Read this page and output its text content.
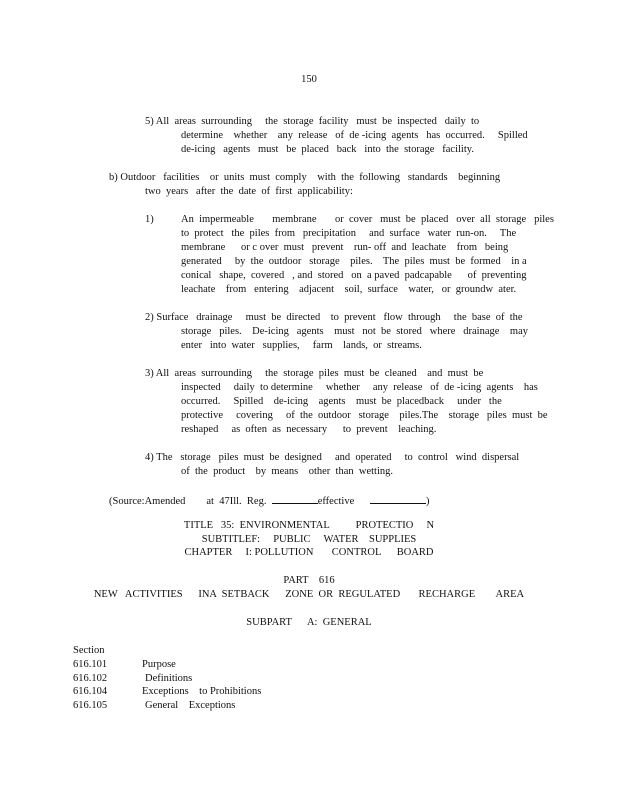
150
5) All  areas  surrounding     the  storage  facility   must  be  inspected   daily  to
determine    whether    any  release   of  de -icing  agents   has  occurred.     Spilled
de-icing   agents   must   be  placed   back   into  the  storage   facility.
b) Outdoor   facilities    or  units  must  comply    with  the  following   standards    beginning
two  years   after  the  date  of  first  applicability:
1)	An  impermeable       membrane       or  cover   must  be  placed   over  all  storage   piles
to  protect   the  piles  from   precipitation     and  surface   water  run-on.     The
membrane      or c over  must   prevent    run- off  and  leachate    from   being
generated     by  the  outdoor   storage    piles.    The  piles  must  be  formed    in a
conical   shape,  covered   , and  stored   on  a paved  padcapable      of  preventing
leachate    from   entering    adjacent    soil,  surface    water,   or  groundw  ater.
2) Surface   drainage     must  be  directed    to  prevent   flow  through     the  base  of  the
storage   piles.    De-icing   agents    must   not  be  stored   where   drainage    may
enter   into  water   supplies,     farm    lands,  or  streams.
3) All  areas  surrounding     the  storage  piles  must  be  cleaned    and  must  be
inspected     daily  to determine     whether     any  release   of  de -icing  agents    has
occurred.     Spilled    de-icing    agents    must  be  placedback     under   the
protective     covering     of  the  outdoor   storage    piles.The    storage   piles  must  be
reshaped     as  often  as  necessary      to  prevent    leaching.
4) The   storage   piles  must  be  designed     and  operated     to  control   wind  dispersal
of  the  product    by  means    other  than  wetting.
(Source:Amended        at  47Ill.  Reg.	effective	)
TITLE   35:  ENVIRONMENTAL          PROTECTIO     N
SUBTITLEF:     PUBLIC     WATER    SUPPLIES
CHAPTER     I: POLLUTION       CONTROL      BOARD
PART    616
NEW   ACTIVITIES      INA  SETBACK      ZONE  OR  REGULATED       RECHARGE        AREA
SUBPART      A:  GENERAL
Section
616.101	Purpose
616.102	Definitions
616.104	Exceptions    to Prohibitions
616.105	General    Exceptions
